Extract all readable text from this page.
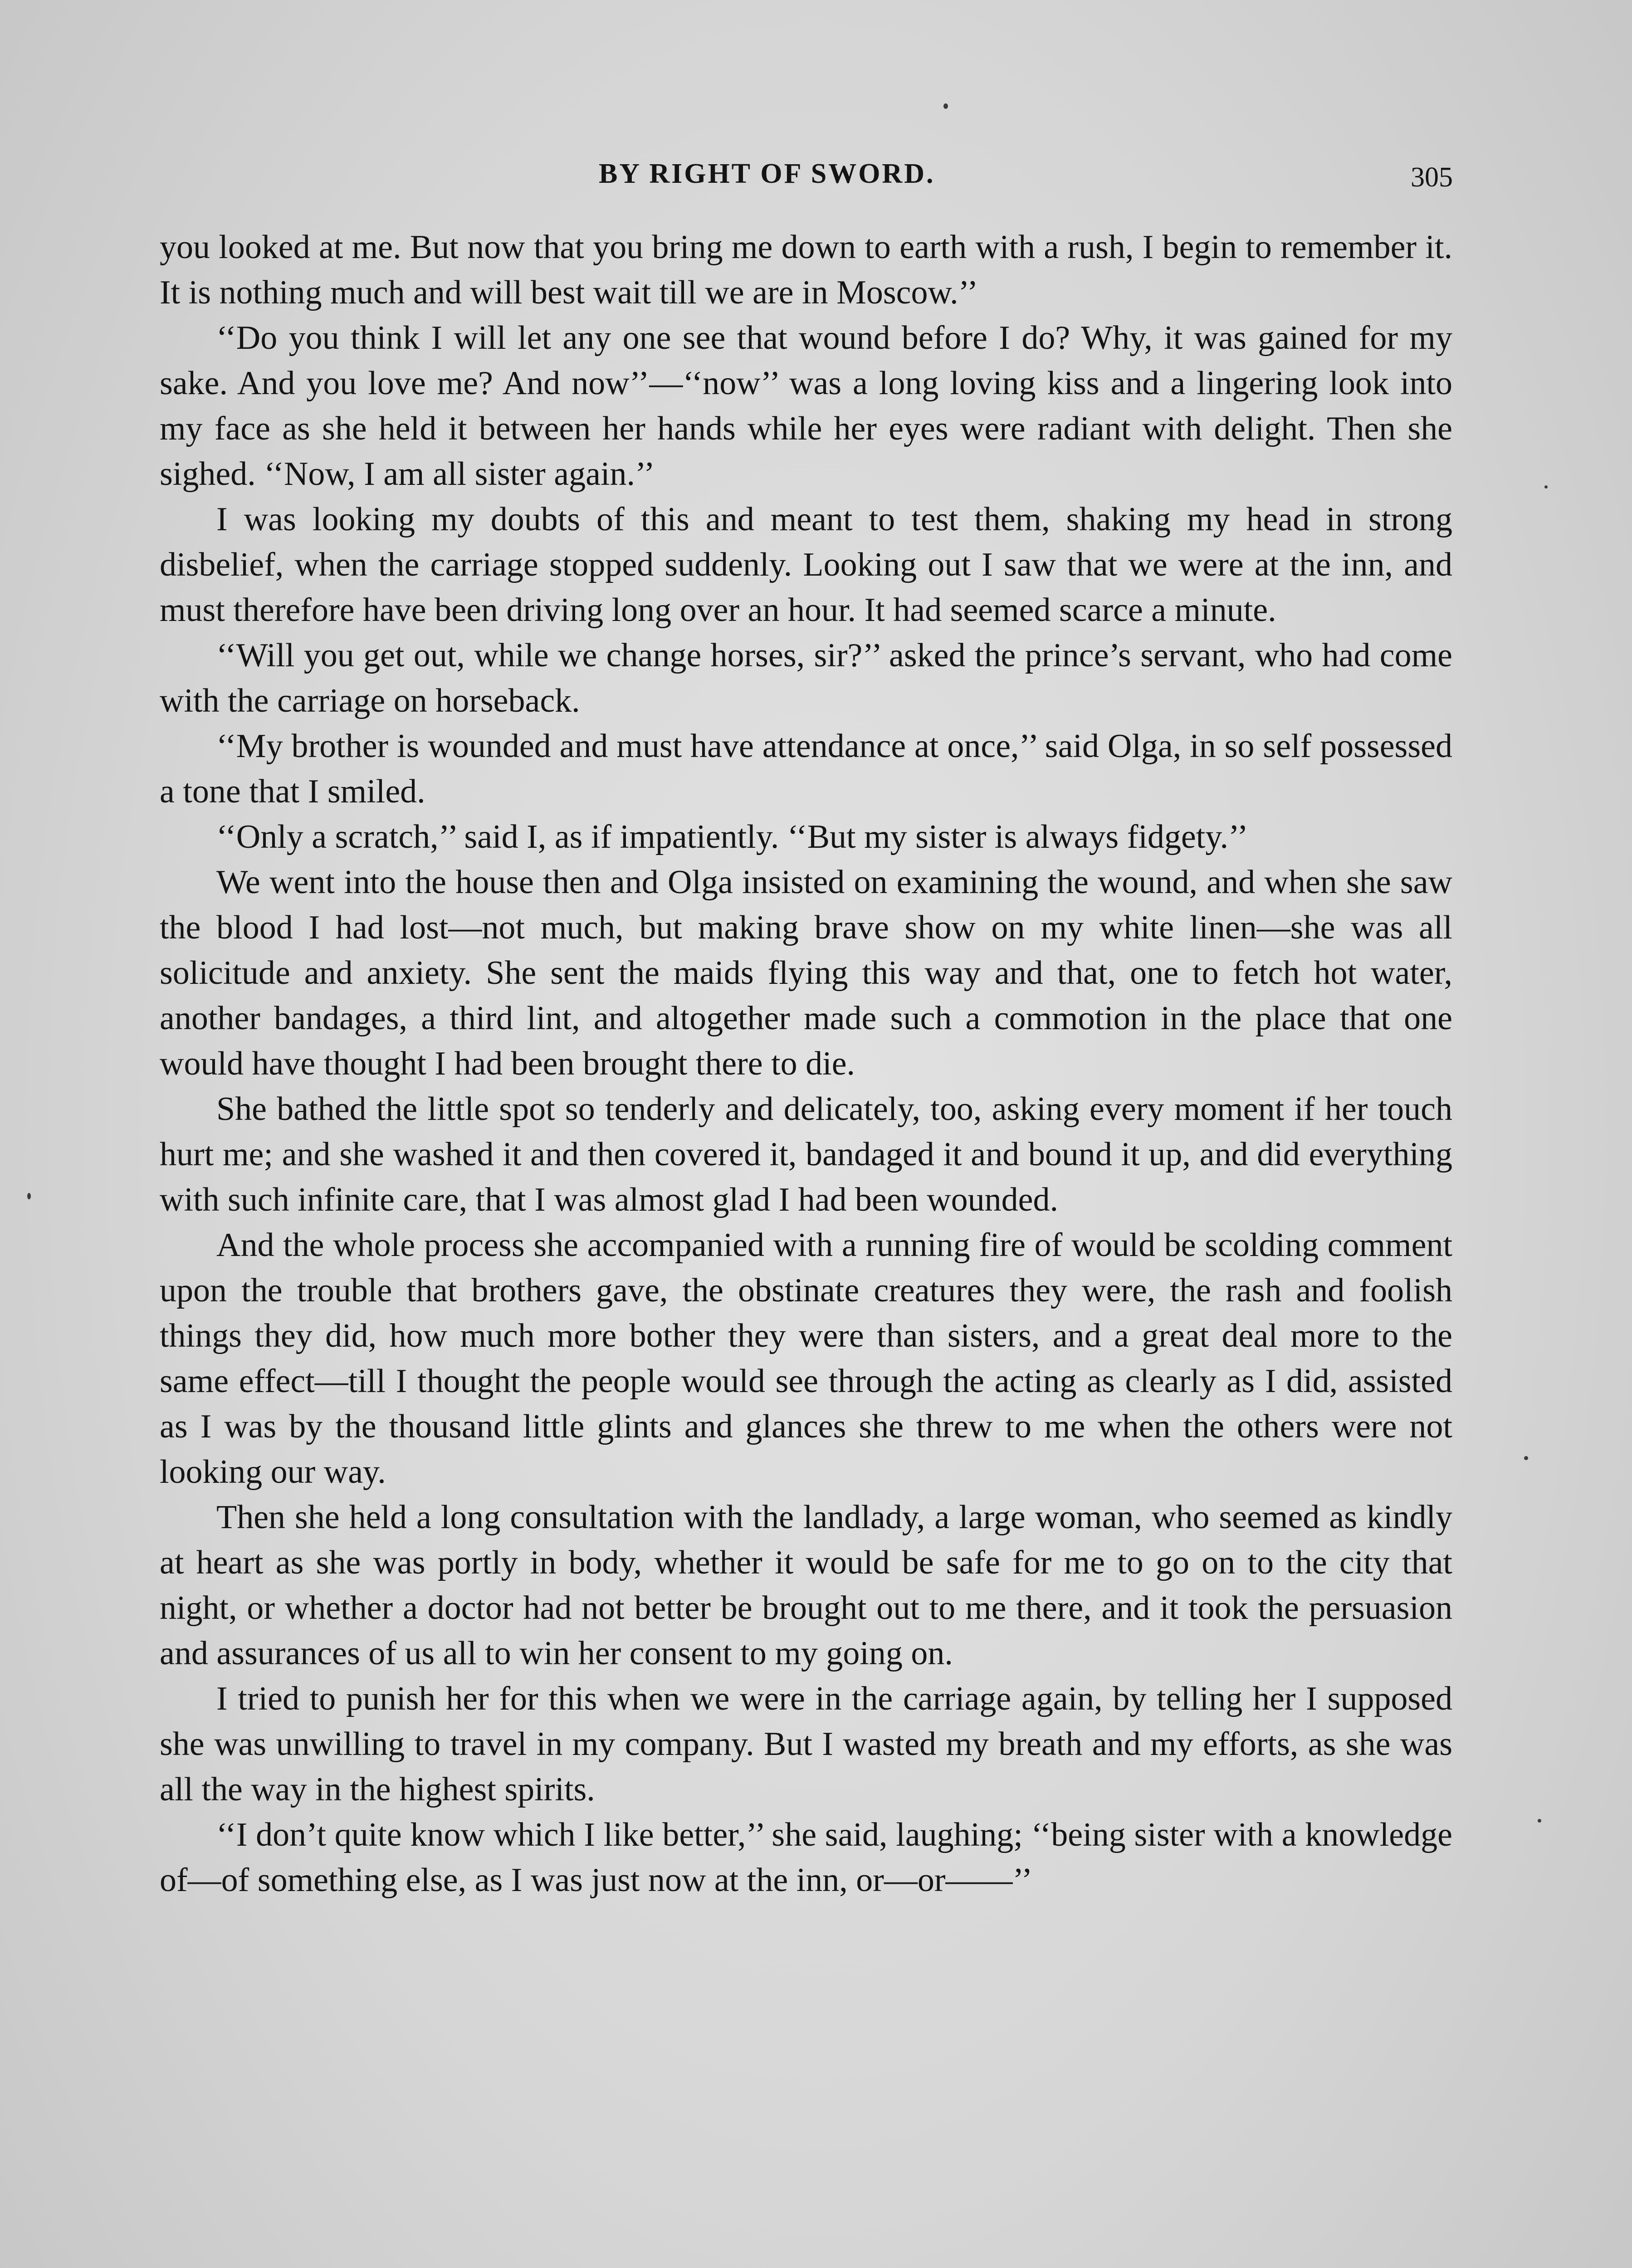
BY RIGHT OF SWORD.	305

you looked at me. But now that you bring me down to earth with a rush, I begin to remember it. It is nothing much and will best wait till we are in Moscow.’’

‘‘Do you think I will let any one see that wound before I do? Why, it was gained for my sake. And you love me? And now’’—‘‘now’’ was a long loving kiss and a lingering look into my face as she held it between her hands while her eyes were radiant with delight. Then she sighed. ‘‘Now, I am all sister again.’’

I was looking my doubts of this and meant to test them, shaking my head in strong disbelief, when the carriage stopped suddenly. Looking out I saw that we were at the inn, and must therefore have been driving long over an hour. It had seemed scarce a minute.

‘‘Will you get out, while we change horses, sir?’’ asked the prince’s servant, who had come with the carriage on horseback.

‘‘My brother is wounded and must have attendance at once,’’ said Olga, in so self possessed a tone that I smiled.

‘‘Only a scratch,’’ said I, as if impatiently. ‘‘But my sister is always fidgety.’’

We went into the house then and Olga insisted on examining the wound, and when she saw the blood I had lost—not much, but making brave show on my white linen—she was all solicitude and anxiety. She sent the maids flying this way and that, one to fetch hot water, another bandages, a third lint, and altogether made such a commotion in the place that one would have thought I had been brought there to die.

She bathed the little spot so tenderly and delicately, too, asking every moment if her touch hurt me; and she washed it and then covered it, bandaged it and bound it up, and did everything with such infinite care, that I was almost glad I had been wounded.

And the whole process she accompanied with a running fire of would be scolding comment upon the trouble that brothers gave, the obstinate creatures they were, the rash and foolish things they did, how much more bother they were than sisters, and a great deal more to the same effect—till I thought the people would see through the acting as clearly as I did, assisted as I was by the thousand little glints and glances she threw to me when the others were not looking our way.

Then she held a long consultation with the landlady, a large woman, who seemed as kindly at heart as she was portly in body, whether it would be safe for me to go on to the city that night, or whether a doctor had not better be brought out to me there, and it took the persuasion and assurances of us all to win her consent to my going on.

I tried to punish her for this when we were in the carriage again, by telling her I supposed she was unwilling to travel in my company. But I wasted my breath and my efforts, as she was all the way in the highest spirits.

‘‘I don’t quite know which I like better,’’ she said, laughing; ‘‘being sister with a knowledge of—of something else, as I was just now at the inn, or—or——’’
